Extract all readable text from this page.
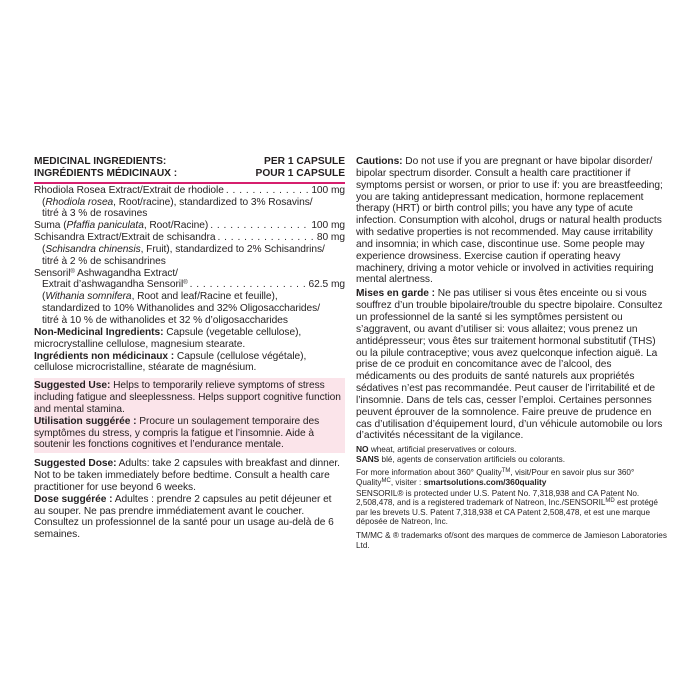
MEDICINAL INGREDIENTS:	PER 1 CAPSULE
INGRÉDIENTS MÉDICINAUX :	POUR 1 CAPSULE
Rhodiola Rosea Extract/Extrait de rhodiole . . .	100 mg
(Rhodiola rosea, Root/racine), standardized to 3% Rosavins/
titré à 3 % de rosavines
Suma (Pfaffia paniculata, Root/Racine) . . .	100 mg
Schisandra Extract/Extrait de schisandra . . .	80 mg
(Schisandra chinensis, Fruit), standardized to 2% Schisandrins/
titré à 2 % de schisandrines
Sensoril® Ashwagandha Extract/
Extrait d’ashwagandha Sensoril® . . .	62.5 mg
(Withania somnifera, Root and leaf/Racine et feuille),
standardized to 10% Withanolides and 32% Oligosaccharides/
titré à 10 % de withanolides et 32 % d’oligosaccharides
Non-Medicinal Ingredients: Capsule (vegetable cellulose), microcrystalline cellulose, magnesium stearate.
Ingrédients non médicinaux : Capsule (cellulose végétale), cellulose microcristalline, stéarate de magnésium.
Suggested Use: Helps to temporarily relieve symptoms of stress including fatigue and sleeplessness. Helps support cognitive function and mental stamina.
Utilisation suggérée : Procure un soulagement temporaire des symptômes du stress, y compris la fatigue et l’insomnie. Aide à soutenir les fonctions cognitives et l’endurance mentale.
Suggested Dose: Adults: take 2 capsules with breakfast and dinner. Not to be taken immediately before bedtime. Consult a health care practitioner for use beyond 6 weeks.
Dose suggérée : Adultes : prendre 2 capsules au petit déjeuner et au souper. Ne pas prendre immédiatement avant le coucher. Consultez un professionnel de la santé pour un usage au-delà de 6 semaines.
Cautions: Do not use if you are pregnant or have bipolar disorder/ bipolar spectrum disorder. Consult a health care practitioner if symptoms persist or worsen, or prior to use if: you are breastfeeding; you are taking antidepressant medication, hormone replacement therapy (HRT) or birth control pills; you have any type of acute infection. Consumption with alcohol, drugs or natural health products with sedative properties is not recommended. May cause irritability and insomnia; in which case, discontinue use. Some people may experience drowsiness. Exercise caution if operating heavy machinery, driving a motor vehicle or involved in activities requiring mental alertness.
Mises en garde : Ne pas utiliser si vous êtes enceinte ou si vous souffrez d’un trouble bipolaire/trouble du spectre bipolaire. Consultez un professionnel de la santé si les symptômes persistent ou s’aggravent, ou avant d’utiliser si: vous allaitez; vous prenez un antidépresseur; vous êtes sur traitement hormonal substitutif (THS) ou la pilule contraceptive; vous avez quelconque infection aiguë. La prise de ce produit en concomitance avec de l’alcool, des médicaments ou des produits de santé naturels aux propriétés sédatives n’est pas recommandée. Peut causer de l’irritabilité et de l’insomnie. Dans de tels cas, cesser l’emploi. Certaines personnes peuvent éprouver de la somnolence. Faire preuve de prudence en cas d’utilisation d’équipement lourd, d’un véhicule automobile ou lors d’activités nécessitant de la vigilance.
NO wheat, artificial preservatives or colours.
SANS blé, agents de conservation artificiels ou colorants.
For more information about 360° Quality™, visit/Pour en savoir plus sur 360° Quality$^{MC}$, visiter : smartsolutions.com/360quality
SENSORIL® is protected under U.S. Patent No. 7,318,938 and CA Patent No. 2,508,478, and is a registered trademark of Natreon, $Inc./SENSORIL^{MD}$ est protégé par les brevets U.S. Patent 7,318,938 et CA Patent 2,508,478, et est une marque déposée de Natreon, Inc.
TM/MC & ® trademarks of/sont des marques de commerce de Jamieson Laboratories Ltd.
